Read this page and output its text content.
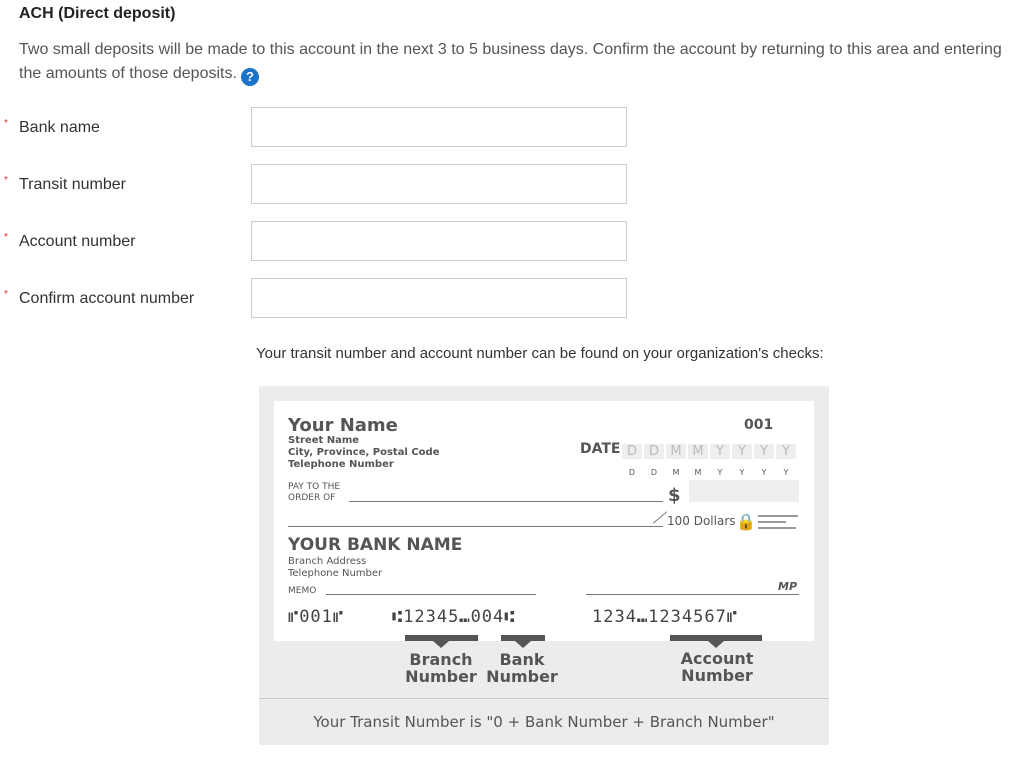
ACH (Direct deposit)
Two small deposits will be made to this account in the next 3 to 5 business days. Confirm the account by returning to this area and entering the amounts of those deposits. ?
* Bank name
* Transit number
* Account number
* Confirm account number
Your transit number and account number can be found on your organization's checks:
Your Name
Street Name
City, Province, Postal Code
Telephone Number
001
DATE D D M M Y Y Y Y
D D M M Y Y Y Y
PAY TO THE
ORDER OF	$
100 Dollars 🔒
YOUR BANK NAME
Branch Address
Telephone Number
MEMO	MP
⑈001⑈	⑆12345⑉004⑆	1234⑉1234567⑈
Branch Number
Bank Number
Account Number
Your Transit Number is "0 + Bank Number + Branch Number"
